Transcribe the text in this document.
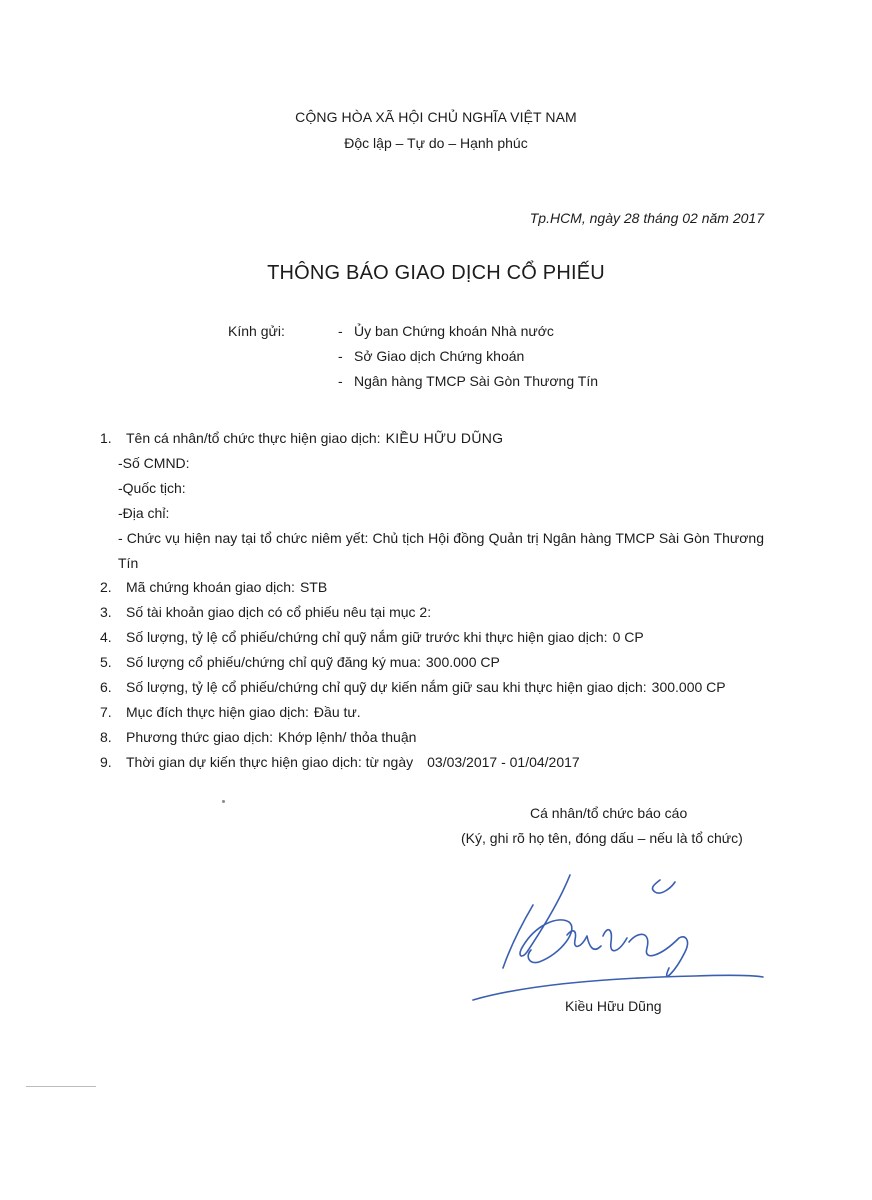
CỘNG HÒA XÃ HỘI CHỦ NGHĨA VIỆT NAM
Độc lập – Tự do – Hạnh phúc
Tp.HCM, ngày 28 tháng 02 năm 2017
THÔNG BÁO GIAO DỊCH CỔ PHIẾU
Kính gửi:	- Ủy ban Chứng khoán Nhà nước
- Sở Giao dịch Chứng khoán
- Ngân hàng TMCP Sài Gòn Thương Tín
1.	Tên cá nhân/tổ chức thực hiện giao dịch: KIỀU HỮU DŨNG
-Số CMND:
-Quốc tịch:
-Địa chỉ:
- Chức vụ hiện nay tại tổ chức niêm yết: Chủ tịch Hội đồng Quản trị Ngân hàng TMCP Sài Gòn Thương Tín
2.	Mã chứng khoán giao dịch: STB
3.	Số tài khoản giao dịch có cổ phiếu nêu tại mục 2:
4.	Số lượng, tỷ lệ cổ phiếu/chứng chỉ quỹ nắm giữ trước khi thực hiện giao dịch: 0 CP
5.	Số lượng cổ phiếu/chứng chỉ quỹ đăng ký mua: 300.000 CP
6.	Số lượng, tỷ lệ cổ phiếu/chứng chỉ quỹ dự kiến nắm giữ sau khi thực hiện giao dịch: 300.000 CP
7.	Mục đích thực hiện giao dịch: Đầu tư.
8.	Phương thức giao dịch: Khớp lệnh/ thỏa thuận
9.	Thời gian dự kiến thực hiện giao dịch: từ ngày 03/03/2017 - 01/04/2017
Cá nhân/tổ chức báo cáo
(Ký, ghi rõ họ tên, đóng dấu – nếu là tổ chức)
Kiều Hữu Dũng
